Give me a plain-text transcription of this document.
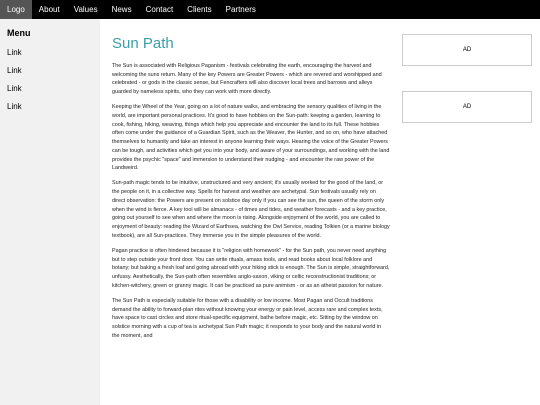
Logo	About	Values	News	Contact	Clients	Partners
Menu
Link
Link
Link
Link
Sun Path

The Sun is associated with Religious Paganism - festivals celebrating the earth, encouraging the harvest and welcoming the suns return. Many of the key Powers are Greater Powers - which are revered and worshipped and celebrated - or gods in the classic sense, but Fencrafters will also discover local trees and barrows and alleys guarded by nameless spirits, who they can work with more directly.

Keeping the Wheel of the Year, going on a lot of nature walks, and embracing the sensory qualities of living in the world, are important personal practices. It's good to have hobbies on the Sun-path: keeping a garden, learning to cook, fishing, hiking, weaving, things which help you appreciate and encounter the land to its full. These hobbies often come under the guidance of a Guardian Spirit, such as the Weaver, the Hunter, and so on, who have attached themselves to humanity and take an interest in anyone learning their ways. Hearing the voice of the Greater Powers can be tough, and activities which get you into your body, and aware of your surroundings, and working with the land provides the psychic "space" and immersion to understand their nudging - and encounter the raw power of the Landweird.

Sun-path magic tends to be intuitive, unstructured and very ancient; it's usually worked for the good of the land, or the people on it, in a collective way. Spells for harvest and weather are archetypal. Sun festivals usually rely on direct observation: the Powers are present on solstice day only if you can see the sun, the queen of the storm only when the wind is fierce. A key tool will be almanacs - of times and tides, and weather forecasts - and a key practice, going out yourself to see when and where the moon is rising. Alongside enjoyment of the world, you are called to enjoyment of beauty: reading the Wizard of Earthsea, watching the Owl Service, reading Tolkien (or a marine biology textbook), are all Sun-practices. They immerse you in the simple pleasures of the world.

Pagan practice is often hindered because it is "religion with homework" - for the Sun path, you never need anything but to step outside your front door. You can write rituals, amass tools, and read books about local folklore and botany; but baking a fresh loaf and going abroad with your hiking stick is enough. The Sun is simple, straightforward, unfussy. Aesthetically, the Sun-path often resembles anglo-saxon, viking or celtic reconstructionist traditions; or kitchen-witchery, green or granny magic. It can be practiced as pure animism - or as an atheist passion for nature.

The Sun Path is especially suitable for those with a disability or low income. Most Pagan and Occult traditions demand the ability to forward-plan rites without knowing your energy or pain level, access rare and complex texts, have space to cast circles and store ritual-specific equipment, bathe before magic, etc. Sitting by the window on solstice morning with a cup of tea is archetypal Sun Path magic; it responds to your body and the natural world in the moment, and

AD
AD
